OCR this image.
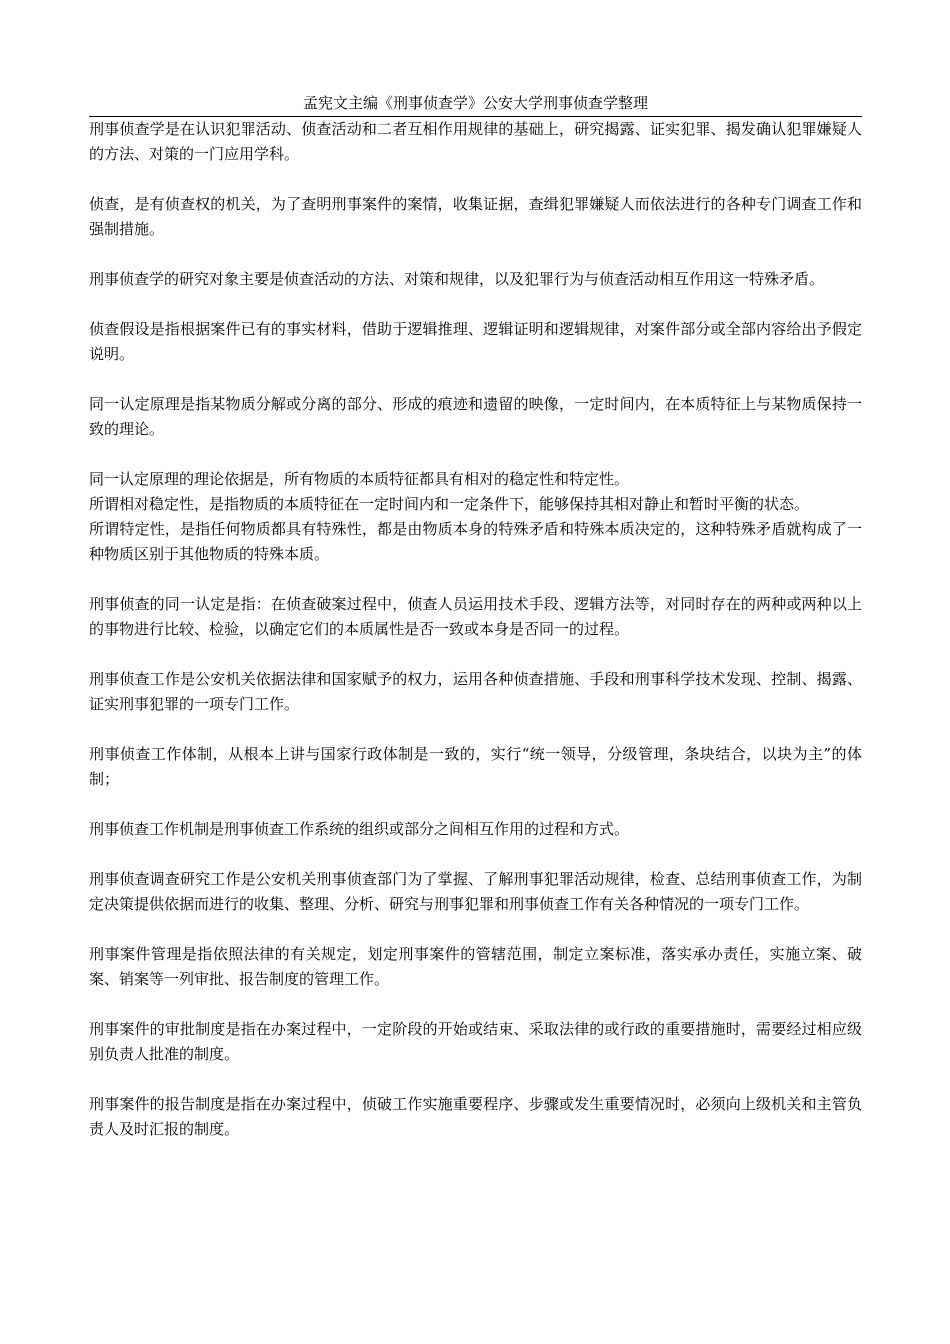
孟宪文主编《刑事侦查学》公安大学刑事侦查学整理

刑事侦查学是在认识犯罪活动、侦查活动和二者互相作用规律的基础上，研究揭露、证实犯罪、揭发确认犯罪嫌疑人的方法、对策的一门应用学科。

侦查，是有侦查权的机关，为了查明刑事案件的案情，收集证据，查缉犯罪嫌疑人而依法进行的各种专门调查工作和强制措施。

刑事侦查学的研究对象主要是侦查活动的方法、对策和规律，以及犯罪行为与侦查活动相互作用这一特殊矛盾。

侦查假设是指根据案件已有的事实材料，借助于逻辑推理、逻辑证明和逻辑规律，对案件部分或全部内容给出予假定说明。

同一认定原理是指某物质分解或分离的部分、形成的痕迹和遗留的映像，一定时间内，在本质特征上与某物质保持一致的理论。

同一认定原理的理论依据是，所有物质的本质特征都具有相对的稳定性和特定性。

所谓相对稳定性，是指物质的本质特征在一定时间内和一定条件下，能够保持其相对静止和暂时平衡的状态。

所谓特定性，是指任何物质都具有特殊性，都是由物质本身的特殊矛盾和特殊本质决定的，这种特殊矛盾就构成了一种物质区别于其他物质的特殊本质。

刑事侦查的同一认定是指：在侦查破案过程中，侦查人员运用技术手段、逻辑方法等，对同时存在的两种或两种以上的事物进行比较、检验，以确定它们的本质属性是否一致或本身是否同一的过程。

刑事侦查工作是公安机关依据法律和国家赋予的权力，运用各种侦查措施、手段和刑事科学技术发现、控制、揭露、证实刑事犯罪的一项专门工作。

刑事侦查工作体制，从根本上讲与国家行政体制是一致的，实行“统一领导，分级管理，条块结合，以块为主”的体制；

刑事侦查工作机制是刑事侦查工作系统的组织或部分之间相互作用的过程和方式。

刑事侦查调查研究工作是公安机关刑事侦查部门为了掌握、了解刑事犯罪活动规律，检查、总结刑事侦查工作，为制定决策提供依据而进行的收集、整理、分析、研究与刑事犯罪和刑事侦查工作有关各种情况的一项专门工作。

刑事案件管理是指依照法律的有关规定，划定刑事案件的管辖范围，制定立案标准，落实承办责任，实施立案、破案、销案等一列审批、报告制度的管理工作。

刑事案件的审批制度是指在办案过程中，一定阶段的开始或结束、采取法律的或行政的重要措施时，需要经过相应级别负责人批准的制度。

刑事案件的报告制度是指在办案过程中，侦破工作实施重要程序、步骤或发生重要情况时，必须向上级机关和主管负责人及时汇报的制度。
